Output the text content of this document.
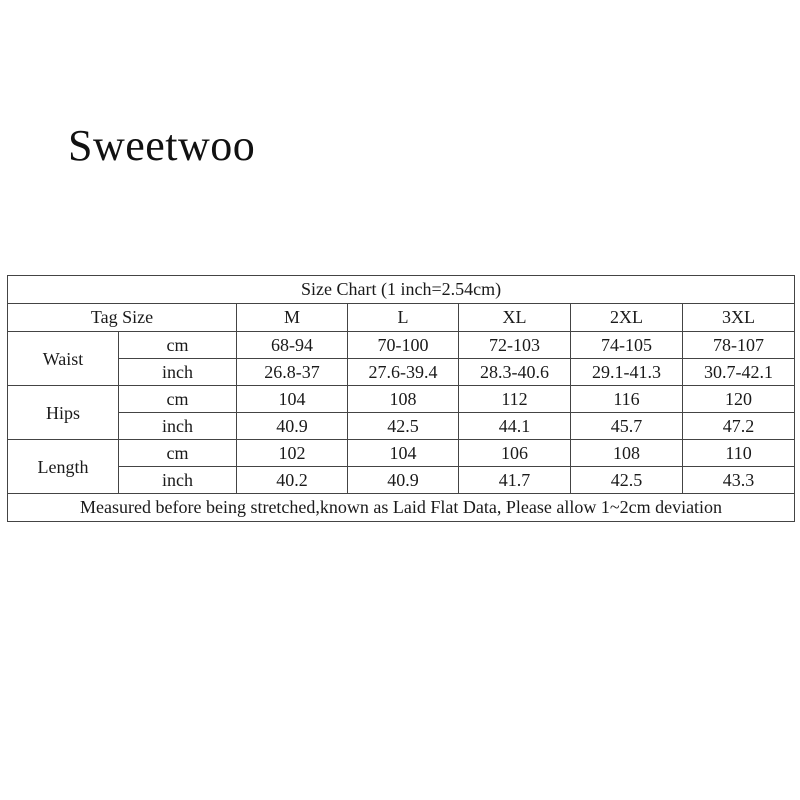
Sweetwoo
Size Chart (1 inch=2.54cm)						
Tag Size		M	L	XL	2XL	3XL
Waist	cm	68-94	70-100	72-103	74-105	78-107
	inch	26.8-37	27.6-39.4	28.3-40.6	29.1-41.3	30.7-42.1
Hips	cm	104	108	112	116	120
	inch	40.9	42.5	44.1	45.7	47.2
Length	cm	102	104	106	108	110
	inch	40.2	40.9	41.7	42.5	43.3
Measured before being stretched,known as Laid Flat Data, Please allow 1~2cm deviation						
